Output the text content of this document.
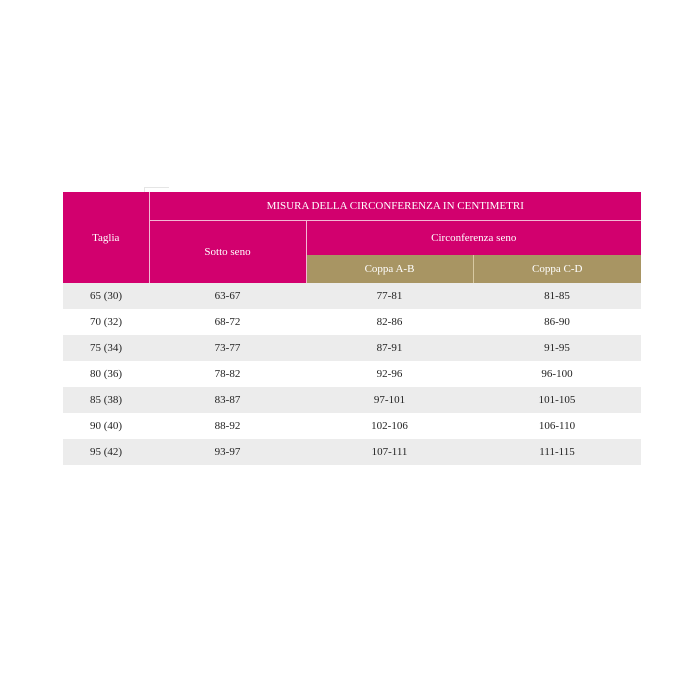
Taglia	MISURA DELLA CIRCONFERENZA IN CENTIMETRI		
	Sotto seno	Circonferenza seno	
		Coppa A-B	Coppa C-D
65 (30)	63-67	77-81	81-85
70 (32)	68-72	82-86	86-90
75 (34)	73-77	87-91	91-95
80 (36)	78-82	92-96	96-100
85 (38)	83-87	97-101	101-105
90 (40)	88-92	102-106	106-110
95 (42)	93-97	107-111	111-115
